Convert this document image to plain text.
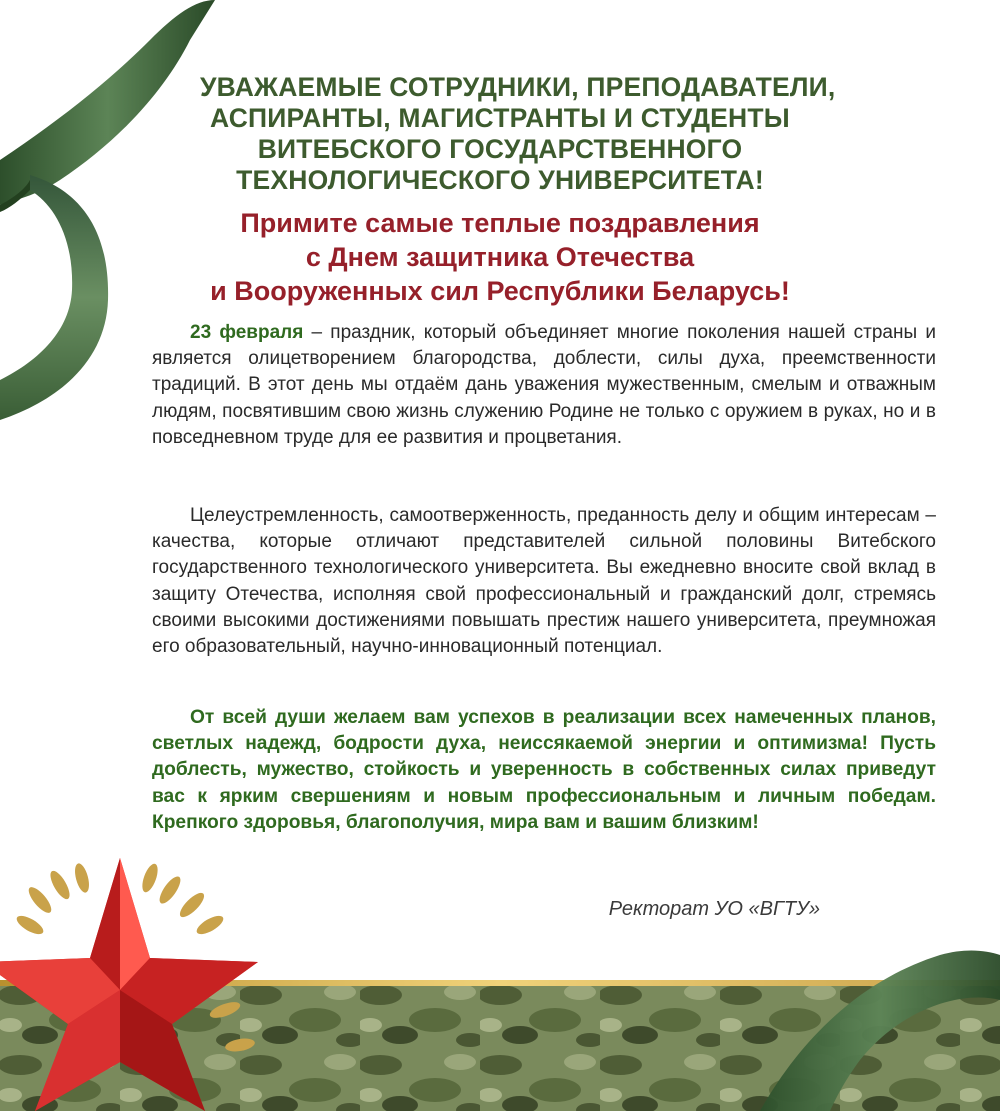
УВАЖАЕМЫЕ СОТРУДНИКИ, ПРЕПОДАВАТЕЛИ,
АСПИРАНТЫ, МАГИСТРАНТЫ И СТУДЕНТЫ
ВИТЕБСКОГО ГОСУДАРСТВЕННОГО
ТЕХНОЛОГИЧЕСКОГО УНИВЕРСИТЕТА!
Примите самые теплые поздравления
с Днем защитника Отечества
и Вооруженных сил Республики Беларусь!

23 февраля – праздник, который объединяет многие поколения нашей страны и является олицетворением благородства, доблести, силы духа, преемственности традиций. В этот день мы отдаём дань уважения мужественным, смелым и отважным людям, посвятившим свою жизнь служению Родине не только с оружием в руках, но и в повседневном труде для ее развития и процветания.

Целеустремленность, самоотверженность, преданность делу и общим интересам – качества, которые отличают представителей сильной половины Витебского государственного технологического университета. Вы ежедневно вносите свой вклад в защиту Отечества, исполняя свой профессиональный и гражданский долг, стремясь своими высокими достижениями повышать престиж нашего университета, преумножая его образовательный, научно-инновационный потенциал.

От всей души желаем вам успехов в реализации всех намеченных планов, светлых надежд, бодрости духа, неиссякаемой энергии и оптимизма! Пусть доблесть, мужество, стойкость и уверенность в собственных силах приведут вас к ярким свершениям и новым профессиональным и личным победам. Крепкого здоровья, благополучия, мира вам и вашим близким!

Ректорат УО «ВГТУ»
